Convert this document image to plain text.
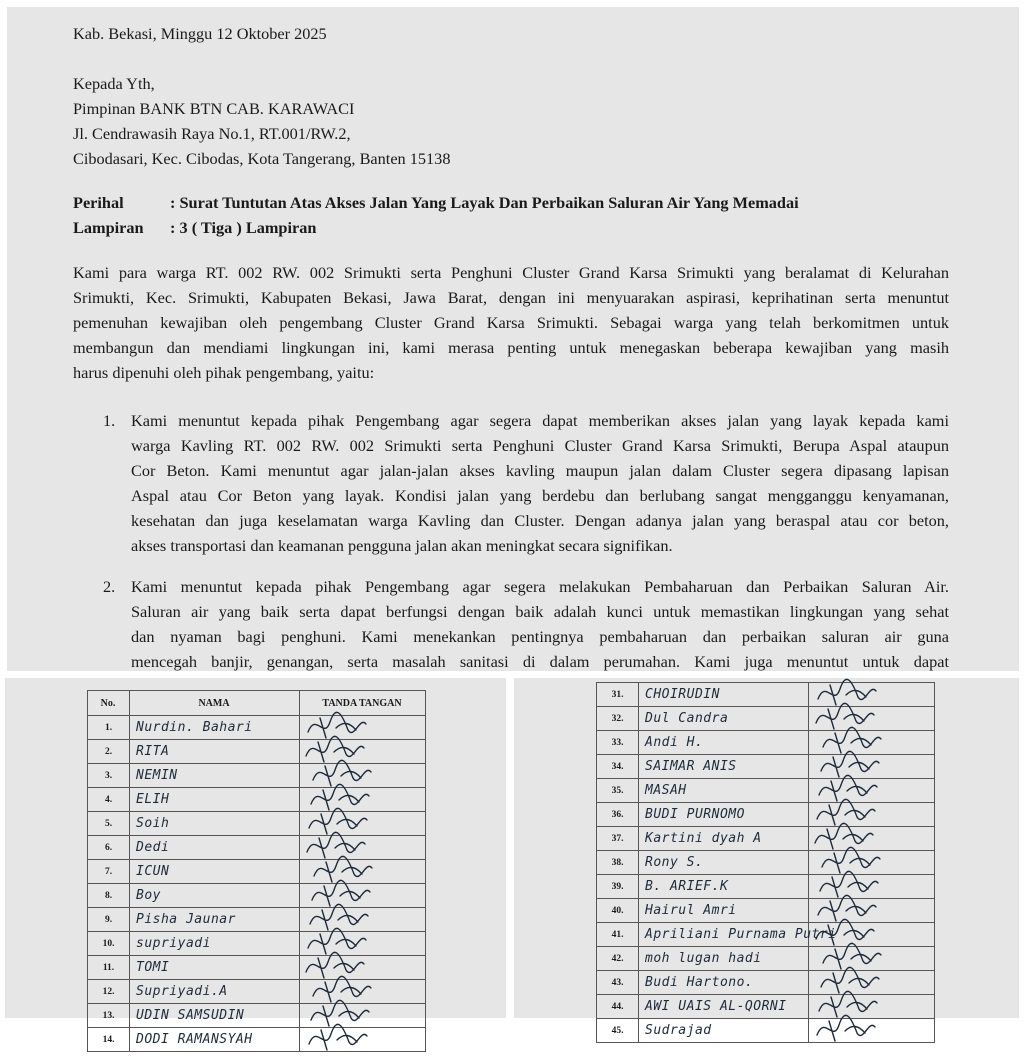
Kab. Bekasi, Minggu 12 Oktober 2025
Kepada Yth,
Pimpinan BANK BTN CAB. KARAWACI
Jl. Cendrawasih Raya No.1, RT.001/RW.2,
Cibodasari, Kec. Cibodas, Kota Tangerang, Banten 15138
Perihal	: Surat Tuntutan Atas Akses Jalan Yang Layak Dan Perbaikan Saluran Air Yang Memadai
Lampiran : 3 ( Tiga ) Lampiran
Kami para warga RT. 002 RW. 002 Srimukti serta Penghuni Cluster Grand Karsa Srimukti yang beralamat di Kelurahan
Srimukti, Kec. Srimukti, Kabupaten Bekasi, Jawa Barat, dengan ini menyuarakan aspirasi, keprihatinan serta menuntut
pemenuhan kewajiban oleh pengembang Cluster Grand Karsa Srimukti. Sebagai warga yang telah berkomitmen untuk
membangun dan mendiami lingkungan ini, kami merasa penting untuk menegaskan beberapa kewajiban yang masih
harus dipenuhi oleh pihak pengembang, yaitu:
1. Kami menuntut kepada pihak Pengembang agar segera dapat memberikan akses jalan yang layak kepada kami
warga Kavling RT. 002 RW. 002 Srimukti serta Penghuni Cluster Grand Karsa Srimukti, Berupa Aspal ataupun
Cor Beton. Kami menuntut agar jalan-jalan akses kavling maupun jalan dalam Cluster segera dipasang lapisan
Aspal atau Cor Beton yang layak. Kondisi jalan yang berdebu dan berlubang sangat mengganggu kenyamanan,
kesehatan dan juga keselamatan warga Kavling dan Cluster. Dengan adanya jalan yang beraspal atau cor beton,
akses transportasi dan keamanan pengguna jalan akan meningkat secara signifikan.
2. Kami menuntut kepada pihak Pengembang agar segera melakukan Pembaharuan dan Perbaikan Saluran Air.
Saluran air yang baik serta dapat berfungsi dengan baik adalah kunci untuk memastikan lingkungan yang sehat
dan nyaman bagi penghuni. Kami menekankan pentingnya pembaharuan dan perbaikan saluran air guna
mencegah banjir, genangan, serta masalah sanitasi di dalam perumahan. Kami juga menuntut untuk dapat
No.	NAMA	TANDA TANGAN

1.	Nurdin. Bahari	

2.	RITA	

3.	NEMIN	

4.	ELIH	

5.	Soih	

6.	Dedi	

7.	ICUN	

8.	Boy	

9.	Pisha Jaunar	

10.	supriyadi	

11.	TOMI	

12.	Supriyadi.A	

13.	UDIN SAMSUDIN	

14.	DODI RAMANSYAH	
31.	CHOIRUDIN	

32.	Dul Candra	

33.	Andi H.	

34.	SAIMAR ANIS	

35.	MASAH	

36.	BUDI PURNOMO	

37.	Kartini dyah A	

38.	Rony S.	

39.	B. ARIEF.K	

40.	Hairul Amri	

41.	Apriliani Purnama Putri	

42.	moh lugan hadi	

43.	Budi Hartono.	

44.	AWI UAIS AL-QORNI	

45.	Sudrajad	
